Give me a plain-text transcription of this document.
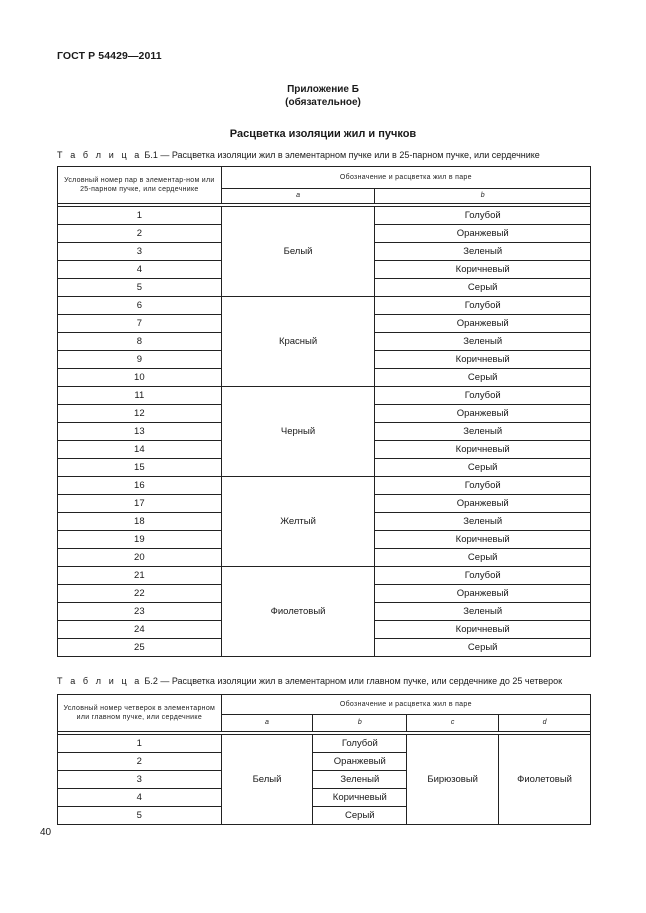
ГОСТ Р 54429—2011
Приложение Б
(обязательное)
Расцветка изоляции жил и пучков
Т а б л и ц а Б.1 — Расцветка изоляции жил в элементарном пучке или в 25-парном пучке, или сердечнике
Условный номер пар в элементар-ном или 25-парном пучке, или сердечнике	Обозначение и расцветка жил в паре	
	a	b

1	Белый	Голубой
2		Оранжевый
3		Зеленый
4		Коричневый
5		Серый
6	Красный	Голубой
7		Оранжевый
8		Зеленый
9		Коричневый
10		Серый
11	Черный	Голубой
12		Оранжевый
13		Зеленый
14		Коричневый
15		Серый
16	Желтый	Голубой
17		Оранжевый
18		Зеленый
19		Коричневый
20		Серый
21	Фиолетовый	Голубой
22		Оранжевый
23		Зеленый
24		Коричневый
25		Серый
Т а б л и ц а Б.2 — Расцветка изоляции жил в элементарном или главном пучке, или сердечнике до 25 четверок
Условный номер четверок в элементарном или главном пучке, или сердечнике	Обозначение и расцветка жил в паре			
	a	b	c	d

1	Белый	Голубой	Бирюзовый	Фиолетовый
2		Оранжевый		
3		Зеленый		
4		Коричневый		
5		Серый		
40
